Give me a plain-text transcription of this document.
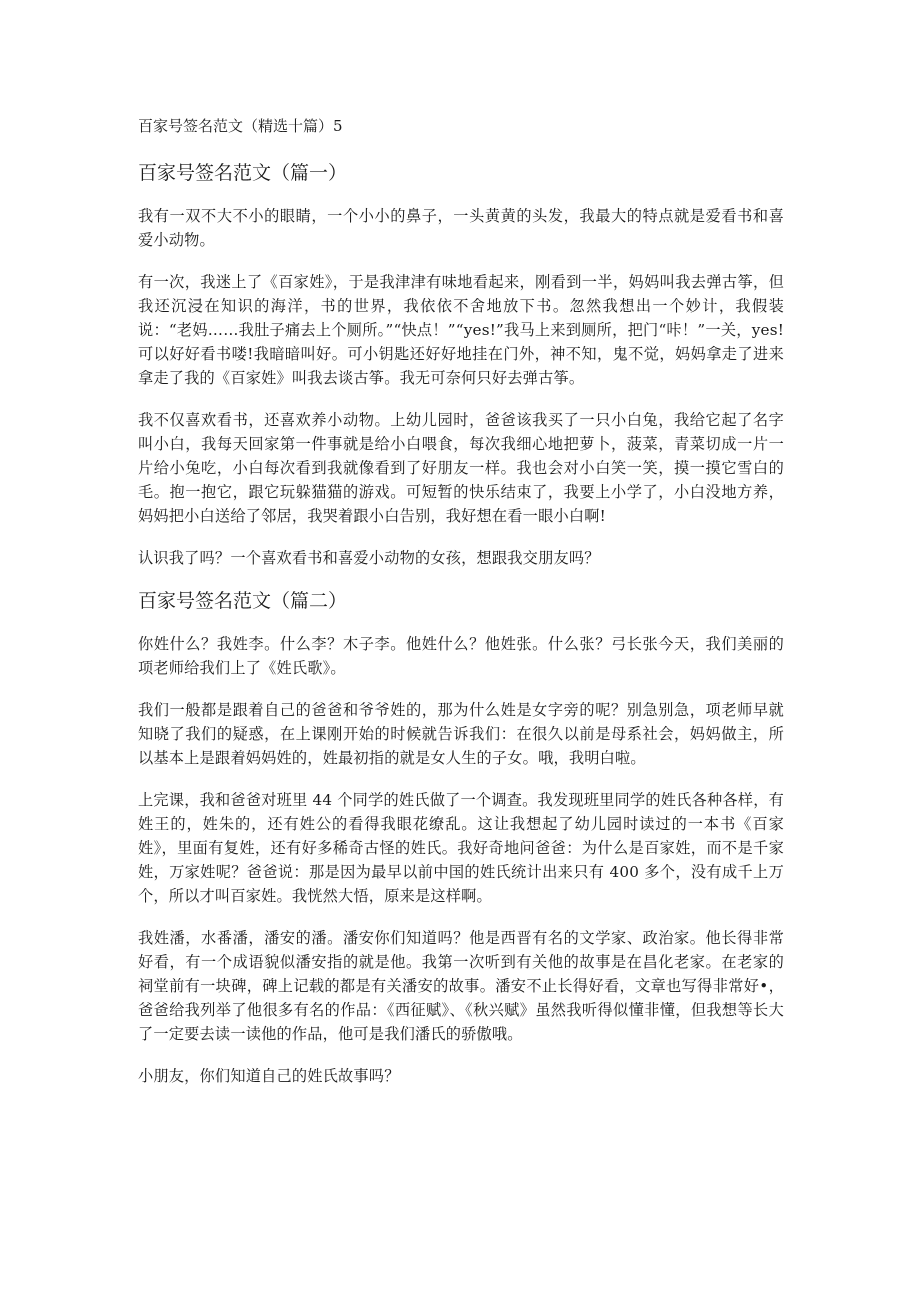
百家号签名范文（精选十篇）5
百家号签名范文（篇一）

我有一双不大不小的眼睛，一个小小的鼻子，一头黄黄的头发，我最大的特点就是爱看书和喜爱小动物。

有一次，我迷上了《百家姓》，于是我津津有味地看起来，刚看到一半，妈妈叫我去弹古筝，但我还沉浸在知识的海洋，书的世界，我依依不舍地放下书。忽然我想出一个妙计，我假装说：“老妈……我肚子痛去上个厕所。”“快点！”“yes!”我马上来到厕所，把门“咔！”一关，yes!可以好好看书喽!我暗暗叫好。可小钥匙还好好地挂在门外，神不知，鬼不觉，妈妈拿走了进来拿走了我的《百家姓》叫我去谈古筝。我无可奈何只好去弹古筝。

我不仅喜欢看书，还喜欢养小动物。上幼儿园时，爸爸该我买了一只小白兔，我给它起了名字叫小白，我每天回家第一件事就是给小白喂食，每次我细心地把萝卜，菠菜，青菜切成一片一片给小兔吃，小白每次看到我就像看到了好朋友一样。我也会对小白笑一笑，摸一摸它雪白的毛。抱一抱它，跟它玩躲猫猫的游戏。可短暂的快乐结束了，我要上小学了，小白没地方养，妈妈把小白送给了邻居，我哭着跟小白告别，我好想在看一眼小白啊!

认识我了吗？一个喜欢看书和喜爱小动物的女孩，想跟我交朋友吗？

百家号签名范文（篇二）

你姓什么？我姓李。什么李？木子李。他姓什么？他姓张。什么张？弓长张今天，我们美丽的项老师给我们上了《姓氏歌》。

我们一般都是跟着自己的爸爸和爷爷姓的，那为什么姓是女字旁的呢？别急别急，项老师早就知晓了我们的疑惑，在上课刚开始的时候就告诉我们：在很久以前是母系社会，妈妈做主，所以基本上是跟着妈妈姓的，姓最初指的就是女人生的子女。哦，我明白啦。

上完课，我和爸爸对班里 44 个同学的姓氏做了一个调查。我发现班里同学的姓氏各种各样，有姓王的，姓朱的，还有姓公的看得我眼花缭乱。这让我想起了幼儿园时读过的一本书《百家姓》，里面有复姓，还有好多稀奇古怪的姓氏。我好奇地问爸爸：为什么是百家姓，而不是千家姓，万家姓呢？爸爸说：那是因为最早以前中国的姓氏统计出来只有 400 多个，没有成千上万个，所以才叫百家姓。我恍然大悟，原来是这样啊。

我姓潘，水番潘，潘安的潘。潘安你们知道吗？他是西晋有名的文学家、政治家。他长得非常好看，有一个成语貌似潘安指的就是他。我第一次听到有关他的故事是在昌化老家。在老家的祠堂前有一块碑，碑上记载的都是有关潘安的故事。潘安不止长得好看，文章也写得非常好•，爸爸给我列举了他很多有名的作品：《西征赋》、《秋兴赋》虽然我听得似懂非懂，但我想等长大了一定要去读一读他的作品，他可是我们潘氏的骄傲哦。

小朋友，你们知道自己的姓氏故事吗？
